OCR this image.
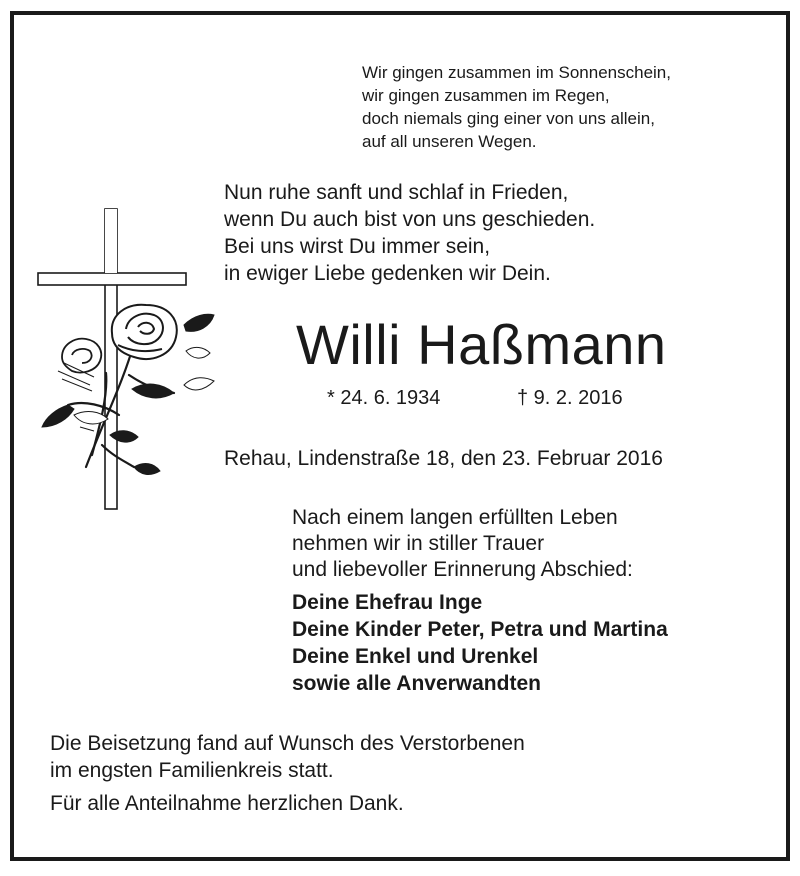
Wir gingen zusammen im Sonnenschein,
wir gingen zusammen im Regen,
doch niemals ging einer von uns allein,
auf all unseren Wegen.
Nun ruhe sanft und schlaf in Frieden,
wenn Du auch bist von uns geschieden.
Bei uns wirst Du immer sein,
in ewiger Liebe gedenken wir Dein.
Willi Haßmann
* 24. 6. 1934	† 9. 2. 2016
Rehau, Lindenstraße 18, den 23. Februar 2016
Nach einem langen erfüllten Leben
nehmen wir in stiller Trauer
und liebevoller Erinnerung Abschied:
Deine Ehefrau Inge
Deine Kinder Peter, Petra und Martina
Deine Enkel und Urenkel
sowie alle Anverwandten
Die Beisetzung fand auf Wunsch des Verstorbenen
im engsten Familienkreis statt.
Für alle Anteilnahme herzlichen Dank.
